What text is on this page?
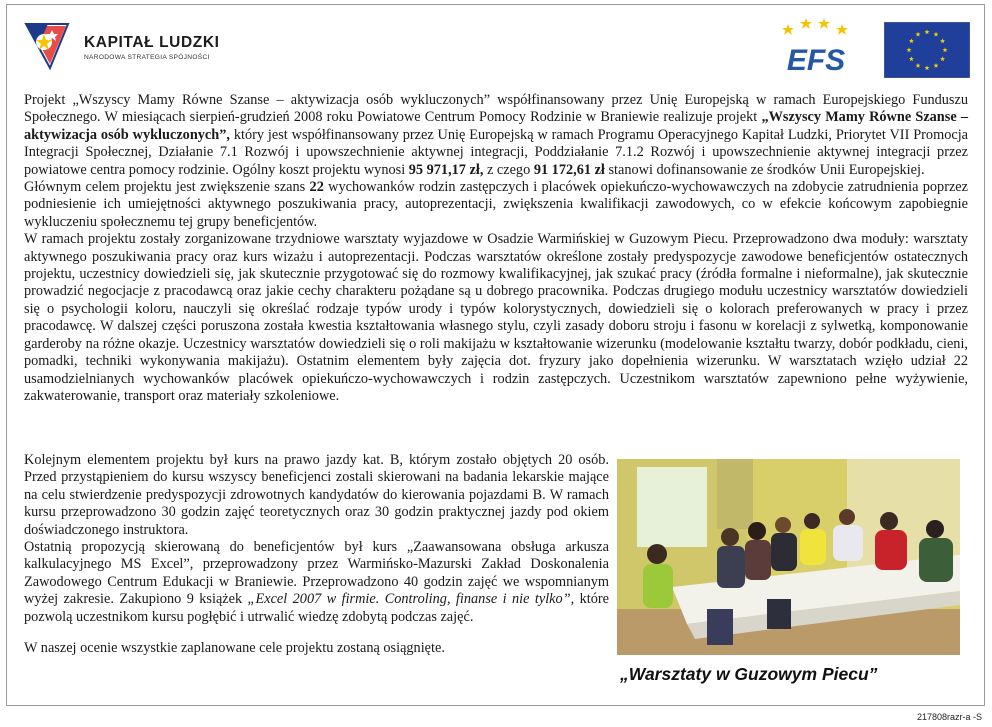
KAPITAŁ LUDZKI
NARODOWA STRATEGIA SPÓJNOŚCI	EFS

Projekt „Wszyscy Mamy Równe Szanse – aktywizacja osób wykluczonych” współfinansowany przez Unię Europejską w ramach Europejskiego Funduszu Społecznego. W miesiącach sierpień-grudzień 2008 roku Powiatowe Centrum Pomocy Rodzinie w Braniewie realizuje projekt „Wszyscy Mamy Równe Szanse – aktywizacja osób wykluczonych”, który jest współfinansowany przez Unię Europejską w ramach Programu Operacyjnego Kapitał Ludzki, Priorytet VII Promocja Integracji Społecznej, Działanie 7.1 Rozwój i upowszechnienie aktywnej integracji, Poddziałanie 7.1.2 Rozwój i upowszechnienie aktywnej integracji przez powiatowe centra pomocy rodzinie. Ogólny koszt projektu wynosi 95 971,17 zł, z czego 91 172,61 zł stanowi dofinansowanie ze środków Unii Europejskiej.

Głównym celem projektu jest zwiększenie szans 22 wychowanków rodzin zastępczych i placówek opiekuńczo-wychowawczych na zdobycie zatrudnienia poprzez podniesienie ich umiejętności aktywnego poszukiwania pracy, autoprezentacji, zwiększenia kwalifikacji zawodowych, co w efekcie końcowym zapobiegnie wykluczeniu społecznemu tej grupy beneficjentów.

W ramach projektu zostały zorganizowane trzydniowe warsztaty wyjazdowe w Osadzie Warmińskiej w Guzowym Piecu. Przeprowadzono dwa moduły: warsztaty aktywnego poszukiwania pracy oraz kurs wizażu i autoprezentacji. Podczas warsztatów określone zostały predyspozycje zawodowe beneficjentów ostatecznych projektu, uczestnicy dowiedzieli się, jak skutecznie przygotować się do rozmowy kwalifikacyjnej, jak szukać pracy (źródła formalne i nieformalne), jak skutecznie prowadzić negocjacje z pracodawcą oraz jakie cechy charakteru pożądane są u dobrego pracownika. Podczas drugiego modułu uczestnicy warsztatów dowiedzieli się o psychologii koloru, nauczyli się określać rodzaje typów urody i typów kolorystycznych, dowiedzieli się o kolorach preferowanych w pracy i przez pracodawcę. W dalszej części poruszona została kwestia kształtowania własnego stylu, czyli zasady doboru stroju i fasonu w korelacji z sylwetką, komponowanie garderoby na różne okazje. Uczestnicy warsztatów dowiedzieli się o roli makijażu w kształtowanie wizerunku (modelowanie kształtu twarzy, dobór podkładu, cieni, pomadki, techniki wykonywania makijażu). Ostatnim elementem były zajęcia dot. fryzury jako dopełnienia wizerunku. W warsztatach wzięło udział 22 usamodzielnianych wychowanków placówek opiekuńczo-wychowawczych i rodzin zastępczych. Uczestnikom warsztatów zapewniono pełne wyżywienie, zakwaterowanie, transport oraz materiały szkoleniowe.

Kolejnym elementem projektu był kurs na prawo jazdy kat. B, którym zostało objętych 20 osób. Przed przystąpieniem do kursu wszyscy beneficjenci zostali skierowani na badania lekarskie mające na celu stwierdzenie predyspozycji zdrowotnych kandydatów do kierowania pojazdami B. W ramach kursu przeprowadzono 30 godzin zajęć teoretycznych oraz 30 godzin praktycznej jazdy pod okiem doświadczonego instruktora.

Ostatnią propozycją skierowaną do beneficjentów był kurs „Zaawansowana obsługa arkusza kalkulacyjnego MS Excel”, przeprowadzony przez Warmińsko-Mazurski Zakład Doskonalenia Zawodowego Centrum Edukacji w Braniewie. Przeprowadzono 40 godzin zajęć we wspomnianym wyżej zakresie. Zakupiono 9 książek „Excel 2007 w firmie. Controling, finanse i nie tylko”, które pozwolą uczestnikom kursu pogłębić i utrwalić wiedzę zdobytą podczas zajęć.

W naszej ocenie wszystkie zaplanowane cele projektu zostaną osiągnięte.

„Warsztaty w Guzowym Piecu”
217808razr-a -S
